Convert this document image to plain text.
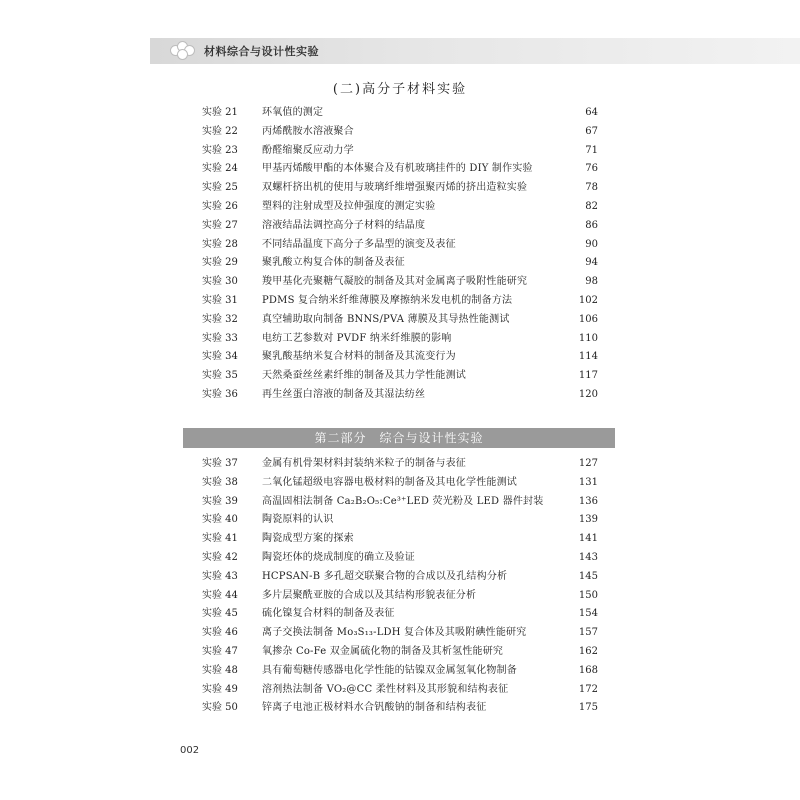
材料综合与设计性实验
(二)高分子材料实验
实验 21	环氧值的测定	64
实验 22	丙烯酰胺水溶液聚合	67
实验 23	酚醛缩聚反应动力学	71
实验 24	甲基丙烯酸甲酯的本体聚合及有机玻璃挂件的 DIY 制作实验	76
实验 25	双螺杆挤出机的使用与玻璃纤维增强聚丙烯的挤出造粒实验	78
实验 26	塑料的注射成型及拉伸强度的测定实验	82
实验 27	溶液结晶法调控高分子材料的结晶度	86
实验 28	不同结晶温度下高分子多晶型的演变及表征	90
实验 29	聚乳酸立构复合体的制备及表征	94
实验 30	羧甲基化壳聚糖气凝胶的制备及其对金属离子吸附性能研究	98
实验 31	PDMS 复合纳米纤维薄膜及摩擦纳米发电机的制备方法	102
实验 32	真空辅助取向制备 BNNS/PVA 薄膜及其导热性能测试	106
实验 33	电纺工艺参数对 PVDF 纳米纤维膜的影响	110
实验 34	聚乳酸基纳米复合材料的制备及其流变行为	114
实验 35	天然桑蚕丝丝素纤维的制备及其力学性能测试	117
实验 36	再生丝蛋白溶液的制备及其湿法纺丝	120
第二部分　综合与设计性实验
实验 37	金属有机骨架材料封装纳米粒子的制备与表征	127
实验 38	二氧化锰超级电容器电极材料的制备及其电化学性能测试	131
实验 39	高温固相法制备 Ca₂B₂O₅:Ce³⁺LED 荧光粉及 LED 器件封装	136
实验 40	陶瓷原料的认识	139
实验 41	陶瓷成型方案的探索	141
实验 42	陶瓷坯体的烧成制度的确立及验证	143
实验 43	HCPSAN-B 多孔超交联聚合物的合成以及孔结构分析	145
实验 44	多片层聚酰亚胺的合成以及其结构形貌表征分析	150
实验 45	硫化镍复合材料的制备及表征	154
实验 46	离子交换法制备 Mo₃S₁₃-LDH 复合体及其吸附碘性能研究	157
实验 47	氧掺杂 Co-Fe 双金属硫化物的制备及其析氢性能研究	162
实验 48	具有葡萄糖传感器电化学性能的钴镍双金属氢氧化物制备	168
实验 49	溶剂热法制备 VO₂@CC 柔性材料及其形貌和结构表征	172
实验 50	锌离子电池正极材料水合钒酸钠的制备和结构表征	175
002
